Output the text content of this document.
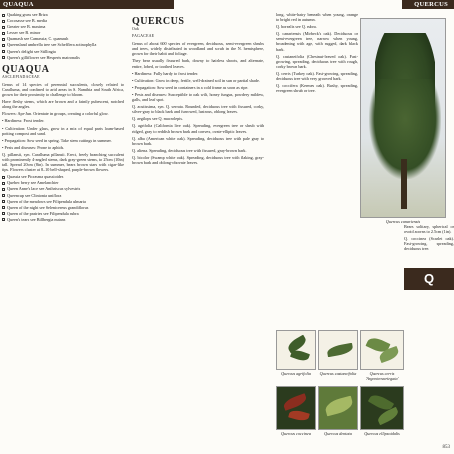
QUAQUA	QUERCUS
Quaking grass see Briza
Cocosasse see B. media
Greater see B. maxima
Lesser see B. minor
Quamash see Camassia; C. quamash
Queensland umbrella tree see Schefflera actinophylla
Queen's delight see Stillingia
Queen's gilliflower see Hesperis matronalis
QUAQUA
ASCLEPIADACEAE

Genus of 14 species of perennial succulents, closely related to Caralluma, and confined to arid areas in S. Namibia and South Africa, grown for their proximity to challenge to bloom.

Have fleshy stems, which are brown and a faintly pubescent, notched along the angles.

Flowers: Apr-Jun. Orientate in groups, creating a colorful glow.

• Hardiness: Frost tender.

• Cultivation: Under glass, grow in a mix of equal parts loam-based potting compost and sand.

• Propagation: Sow seed in spring. Take stem cuttings in summer.

• Pests and diseases: Prone to aphids.

Q. pillansii, syn. Caralluma pillansii. Erect, freely branching succulent with prominently 4-angled stems, dark gray-green stems, to 25cm (10in) tall. Spread 20cm (8in). In summer, bears brown stars with cigar-like tips. Flowers cluster at 8–10 bell-shaped, purple-brown flowers.

Quassia see Picrasma quassioides
Quebec berry see Amelanchier
Queen Anne's lace see Anthriscus sylvestris
Queencup see Clintonia uniflora
Queen of the meadows see Filipendula ulmaria
Queen of the night see Selenicereus grandiflorus
Queen of the prairies see Filipendula rubra
Queen's tears see Billbergia nutans
QUERCUS
Oak
FAGACEAE

Genus of about 600 species of evergreen, deciduous, semi-evergreen shrubs and trees, widely distributed in woodland and scrub in the N. hemisphere, grown for their habit and foliage.

They bear usually fissured bark, downy to hairless shoots, and alternate, entire, lobed, or toothed leaves.

• Hardiness: Fully hardy to frost tender.

• Cultivation: Grow in deep, fertile, well-drained soil in sun or partial shade.

• Propagation: Sow seed in containers in a cold frame as soon as ripe.

• Pests and diseases: Susceptible to oak wilt, honey fungus, powdery mildew, galls, and leaf spot.

Q. acutissima, syn. Q. serrata. Rounded, deciduous tree with fissured, corky, silver-gray to black bark and furrowed, lustrous, oblong leaves.

Q. aegilops see Q. macrolepis.

Q. agrifolia (California live oak). Spreading, evergreen tree or shrub with ridged, gray to reddish brown bark and convex, ovate-elliptic leaves.

Q. alba (American white oak). Spreading, deciduous tree with pale gray to brown bark.

Q. aliena. Spreading, deciduous tree with fissured, gray-brown bark.

Q. bicolor (Swamp white oak). Spreading, deciduous tree with flaking, gray-brown bark and oblong-obovate leaves.

long, white-hairy beneath when young, orange to bright red in autumn.

Q. borealis see Q. rubra.

Q. canariensis (Mirbeck's oak). Deciduous or semi-evergreen tree, narrow when young, broadening with age, with rugged, dark black bark.

Q. castaneifolia (Chestnut-leaved oak). Fast-growing, spreading, deciduous tree with rough, corky brown bark.

Q. cerris (Turkey oak). Fast-growing, spreading, deciduous tree with very grooved bark.

Q. coccifera (Kermes oak). Bushy, spreading, evergreen shrub or tree.

Quercus canariensis

Bears solitary, spherical or ovoid acorns to 2.5cm (1in).

Q. coccinea (Scarlet oak). Fast-growing, spreading, deciduous tree.

Q
Quercus agrifolia	Quercus castaneifolia	Quercus cerris 'Argenteovariegata'
Quercus coccinea	Quercus dentata	Quercus ellipsoidalis
853
